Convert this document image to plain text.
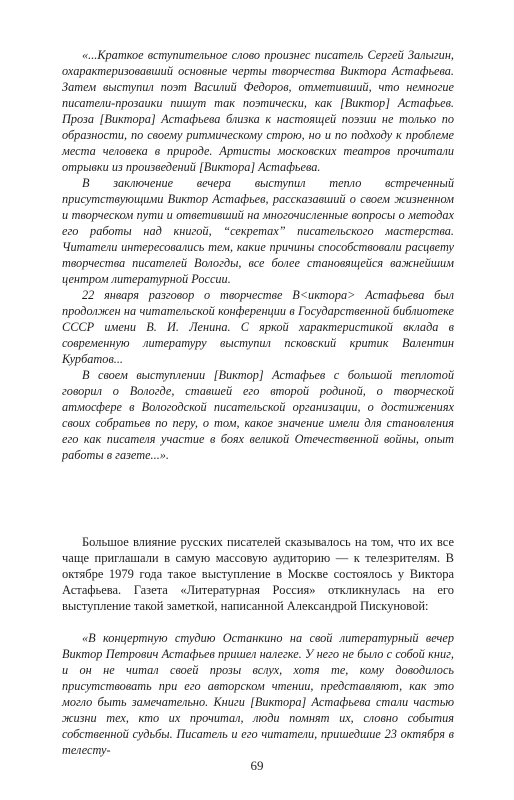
«...Краткое вступительное слово произнес писатель Сергей Залыгин, охарактеризовавший основные черты творчества Виктора Астафьева. Затем выступил поэт Василий Федоров, отметивший, что немногие писатели-прозаики пишут так поэтически, как [Виктор] Астафьев. Проза [Виктора] Астафьева близка к настоящей поэзии не только по образности, по своему ритмическому строю, но и по подходу к проблеме места человека в природе. Артисты московских театров прочитали отрывки из произведений [Виктора] Астафьева.

В заключение вечера выступил тепло встреченный присутствующими Виктор Астафьев, рассказавший о своем жизненном и творческом пути и ответивший на многочисленные вопросы о методах его работы над книгой, “секретах” писательского мастерства. Читатели интересовались тем, какие причины способствовали расцвету творчества писателей Вологды, все более становящейся важнейшим центром литературной России.

22 января разговор о творчестве В<иктора> Астафьева был продолжен на читательской конференции в Государственной библиотеке СССР имени В. И. Ленина. С яркой характеристикой вклада в современную литературу выступил псковский критик Валентин Курбатов...

В своем выступлении [Виктор] Астафьев с большой теплотой говорил о Вологде, ставшей его второй родиной, о творческой атмосфере в Вологодской писательской организации, о достижениях своих собратьев по перу, о том, какое значение имели для становления его как писателя участие в боях великой Отечественной войны, опыт работы в газете...».

Большое влияние русских писателей сказывалось на том, что их все чаще приглашали в самую массовую аудиторию — к телезрителям. В октябре 1979 года такое выступление в Москве состоялось у Виктора Астафьева. Газета «Литературная Россия» откликнулась на его выступление такой заметкой, написанной Александрой Пискуновой:

«В концертную студию Останкино на свой литературный вечер Виктор Петрович Астафьев пришел налегке. У него не было с собой книг, и он не читал своей прозы вслух, хотя те, кому доводилось присутствовать при его авторском чтении, представляют, как это могло быть замечательно. Книги [Виктора] Астафьева стали частью жизни тех, кто их прочитал, люди помнят их, словно события собственной судьбы. Писатель и его читатели, пришедшие 23 октября в телесту-

69
